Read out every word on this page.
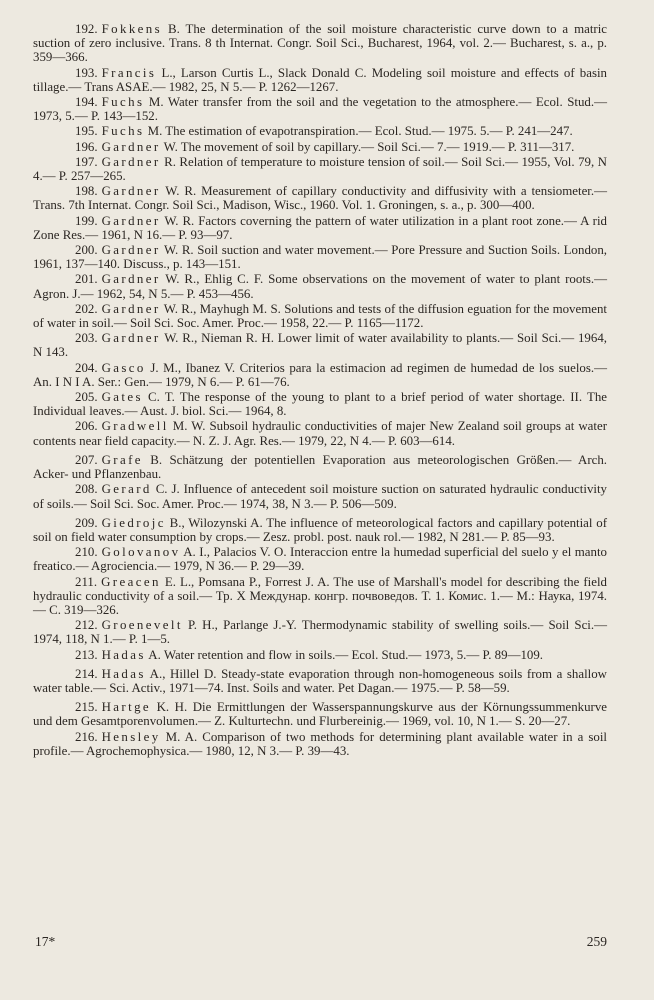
192. Fokkens B. The determination of the soil moisture characteristic curve down to a matric suction of zero inclusive. Trans. 8 th Internat. Congr. Soil Sci., Bucharest, 1964, vol. 2.— Bucharest, s. a., p. 359—366.

193. Francis L., Larson Curtis L., Slack Donald C. Modeling soil moisture and effects of basin tillage.— Trans ASAE.— 1982, 25, N 5.— P. 1262—1267.

194. Fuchs M. Water transfer from the soil and the vegetation to the atmosphere.— Ecol. Stud.— 1973, 5.— P. 143—152.

195. Fuchs M. The estimation of evapotranspiration.— Ecol. Stud.— 1975. 5.— P. 241—247.

196. Gardner W. The movement of soil by capillary.— Soil Sci.— 7.— 1919.— P. 311—317.

197. Gardner R. Relation of temperature to moisture tension of soil.— Soil Sci.— 1955, Vol. 79, N 4.— P. 257—265.

198. Gardner W. R. Measurement of capillary conductivity and diffusivity with a tensiometer.— Trans. 7th Internat. Congr. Soil Sci., Madison, Wisc., 1960. Vol. 1. Groningen, s. a., p. 300—400.

199. Gardner W. R. Factors coverning the pattern of water utilization in a plant root zone.— A rid Zone Res.— 1961, N 16.— P. 93—97.

200. Gardner W. R. Soil suction and water movement.— Pore Pressure and Suction Soils. London, 1961, 137—140. Discuss., p. 143—151.

201. Gardner W. R., Ehlig C. F. Some observations on the movement of water to plant roots.— Agron. J.— 1962, 54, N 5.— P. 453—456.

202. Gardner W. R., Mayhugh M. S. Solutions and tests of the diffusion eguation for the movement of water in soil.— Soil Sci. Soc. Amer. Proc.— 1958, 22.— P. 1165—1172.

203. Gardner W. R., Nieman R. H. Lower limit of water availability to plants.— Soil Sci.— 1964, N 143.

204. Gasco J. M., Ibanez V. Criterios para la estimacion ad regimen de humedad de los suelos.— An. I N I A. Ser.: Gen.— 1979, N 6.— P. 61—76.

205. Gates C. T. The response of the young to plant to a brief period of water shortage. II. The Individual leaves.— Aust. J. biol. Sci.— 1964, 8.

206. Gradwell M. W. Subsoil hydraulic conductivities of majer New Zealand soil groups at water contents near field capacity.— N. Z. J. Agr. Res.— 1979, 22, N 4.— P. 603—614.

207. Grafe B. Schätzung der potentiellen Evaporation aus meteorologischen Größen.— Arch. Acker- und Pflanzenbau.

208. Gerard C. J. Influence of antecedent soil moisture suction on saturated hydraulic conductivity of soils.— Soil Sci. Soc. Amer. Proc.— 1974, 38, N 3.— P. 506—509.

209. Giedrojc B., Wilozynski A. The influence of meteorological factors and capillary potential of soil on field water consumption by crops.— Zesz. probl. post. nauk rol.— 1982, N 281.— P. 85—93.

210. Golovanov A. I., Palacios V. O. Interaccion entre la humedad superficial del suelo y el manto freatico.— Agrociencia.— 1979, N 36.— P. 29—39.

211. Greacen E. L., Pomsana P., Forrest J. A. The use of Marshall's model for describing the field hydraulic conductivity of a soil.— Тр. X Междунар. конгр. почвоведов. Т. 1. Комис. 1.— М.: Наука, 1974.— С. 319—326.

212. Groenevelt P. H., Parlange J.-Y. Thermodynamic stability of swelling soils.— Soil Sci.— 1974, 118, N 1.— P. 1—5.

213. Hadas A. Water retention and flow in soils.— Ecol. Stud.— 1973, 5.— P. 89—109.

214. Hadas A., Hillel D. Steady-state evaporation through non-homogeneous soils from a shallow water table.— Sci. Activ., 1971—74. Inst. Soils and water. Pet Dagan.— 1975.— P. 58—59.

215. Hartge K. H. Die Ermittlungen der Wasserspannungskurve aus der Körnungssummenkurve und dem Gesamtporenvolumen.— Z. Kulturtechn. und Flurbereinig.— 1969, vol. 10, N 1.— S. 20—27.

216. Hensley M. A. Comparison of two methods for determining plant available water in a soil profile.— Agrochemophysica.— 1980, 12, N 3.— P. 39—43.

17*	259
